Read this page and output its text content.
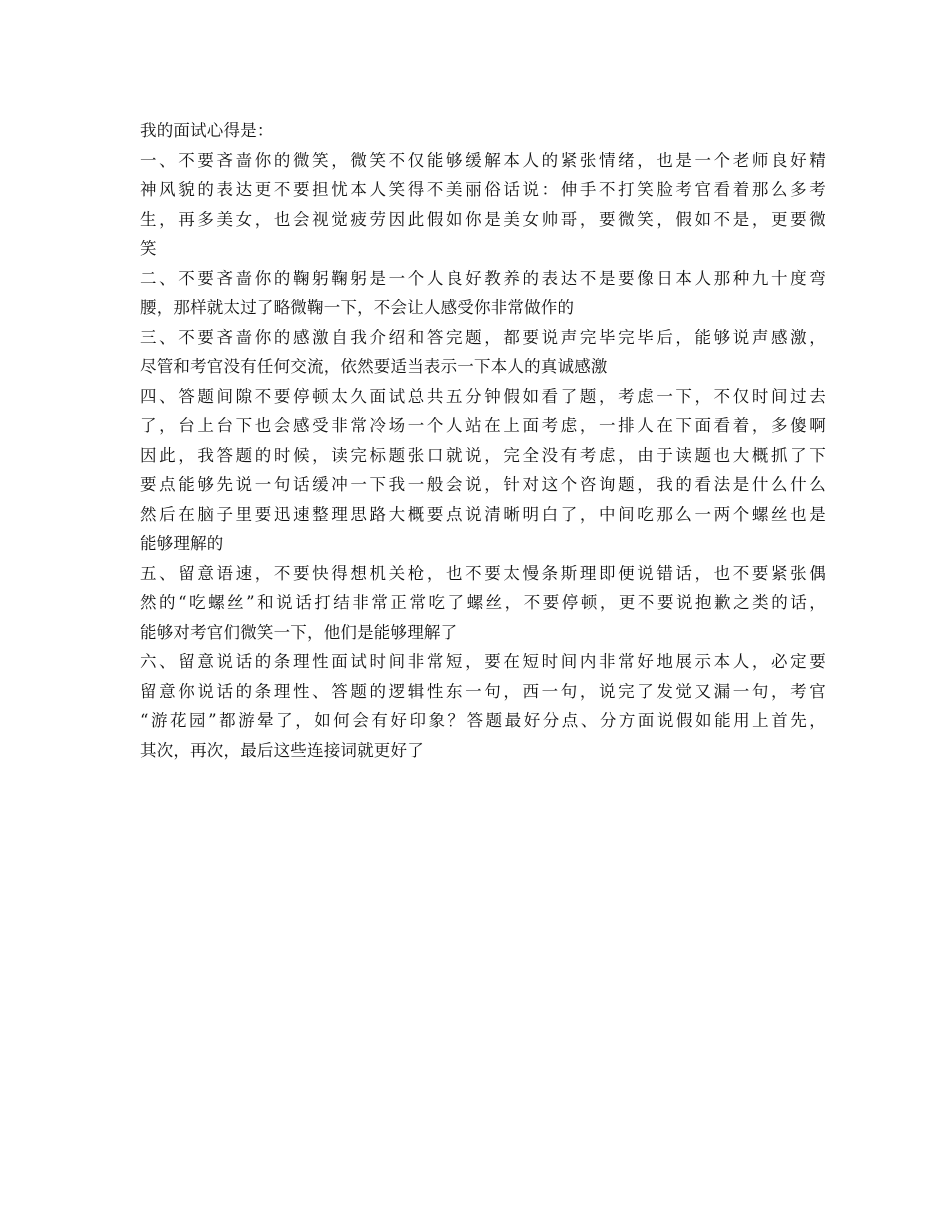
我的面试心得是：
一、不要吝啬你的微笑，微笑不仅能够缓解本人的紧张情绪，也是一个老师良好精
神风貌的表达更不要担忧本人笑得不美丽俗话说：伸手不打笑脸考官看着那么多考
生，再多美女，也会视觉疲劳因此假如你是美女帅哥，要微笑，假如不是，更要微
笑
二、不要吝啬你的鞠躬鞠躬是一个人良好教养的表达不是要像日本人那种九十度弯
腰，那样就太过了略微鞠一下，不会让人感受你非常做作的
三、不要吝啬你的感激自我介绍和答完题，都要说声完毕完毕后，能够说声感激，
尽管和考官没有任何交流，依然要适当表示一下本人的真诚感激
四、答题间隙不要停顿太久面试总共五分钟假如看了题，考虑一下，不仅时间过去
了，台上台下也会感受非常冷场一个人站在上面考虑，一排人在下面看着，多傻啊
因此，我答题的时候，读完标题张口就说，完全没有考虑，由于读题也大概抓了下
要点能够先说一句话缓冲一下我一般会说，针对这个咨询题，我的看法是什么什么
然后在脑子里要迅速整理思路大概要点说清晰明白了，中间吃那么一两个螺丝也是
能够理解的
五、留意语速，不要快得想机关枪，也不要太慢条斯理即便说错话，也不要紧张偶
然的“吃螺丝”和说话打结非常正常吃了螺丝，不要停顿，更不要说抱歉之类的话，
能够对考官们微笑一下，他们是能够理解了
六、留意说话的条理性面试时间非常短，要在短时间内非常好地展示本人，必定要
留意你说话的条理性、答题的逻辑性东一句，西一句，说完了发觉又漏一句，考官
“游花园”都游晕了，如何会有好印象？答题最好分点、分方面说假如能用上首先，
其次，再次，最后这些连接词就更好了
